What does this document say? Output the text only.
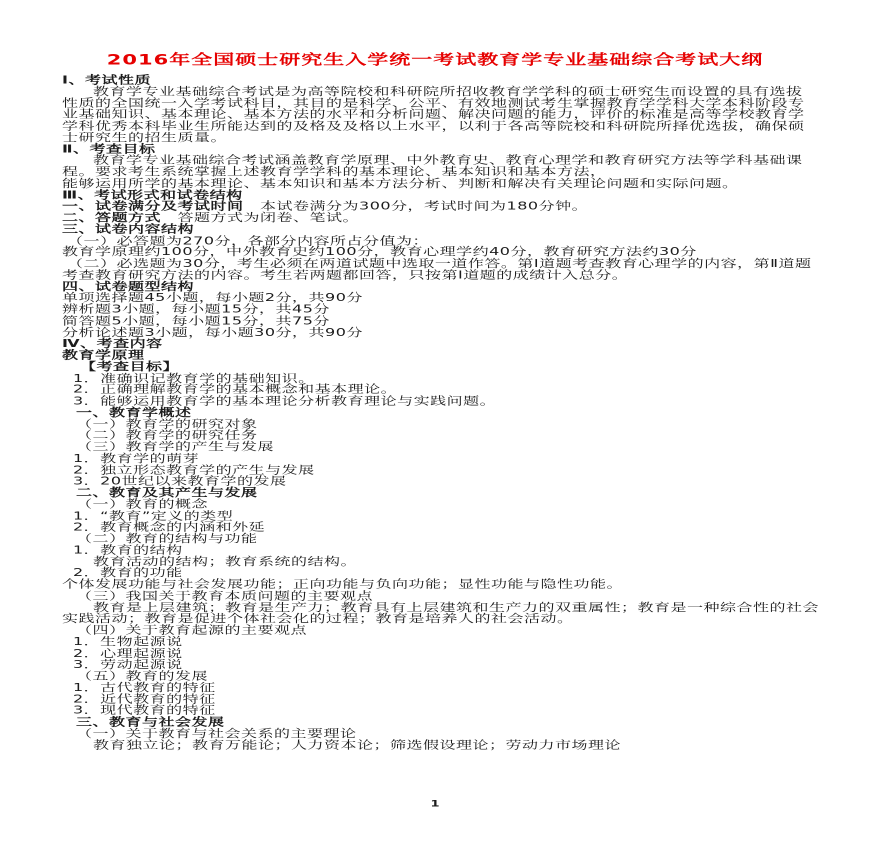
2016年全国硕士研究生入学统一考试教育学专业基础综合考试大纲
Ⅰ、考试性质
教育学专业基础综合考试是为高等院校和科研院所招收教育学学科的硕士研究生而设置的具有选拔
性质的全国统一入学考试科目，其目的是科学、公平、有效地测试考生掌握教育学学科大学本科阶段专
业基础知识、基本理论、基本方法的水平和分析问题、解决问题的能力，评价的标准是高等学校教育学
学科优秀本科毕业生所能达到的及格及及格以上水平，以利于各高等院校和科研院所择优选拔，确保硕
士研究生的招生质量。
Ⅱ、考查目标
教育学专业基础综合考试涵盖教育学原理、中外教育史、教育心理学和教育研究方法等学科基础课
程。要求考生系统掌握上述教育学学科的基本理论、基本知识和基本方法，
能够运用所学的基本理论、基本知识和基本方法分析、判断和解决有关理论问题和实际问题。
Ⅲ、考试形式和试卷结构
一、试卷满分及考试时间　本试卷满分为300分，考试时间为180分钟。
二、答题方式　答题方式为闭卷、笔试。
三、试卷内容结构
（一）必答题为270分，各部分内容所占分值为：
教育学原理约100分，中外教育史约100分，教育心理学约40分，教育研究方法约30分
（二）必选题为30分，考生必须在两道试题中选取一道作答。第I道题考查教育心理学的内容，第Ⅱ道题
考查教育研究方法的内容。考生若两题都回答，只按第I道题的成绩计入总分。
四、试卷题型结构
单项选择题45小题，每小题2分，共90分
辨析题3小题，每小题15分，共45分
简答题5小题，每小题15分，共75分
分析论述题3小题，每小题30分，共90分
Ⅳ、考查内容
教育学原理
【考查目标】
1．准确识记教育学的基础知识。
2．正确理解教育学的基本概念和基本理论。
3．能够运用教育学的基本理论分析教育理论与实践问题。
一、教育学概述
（一）教育学的研究对象
（二）教育学的研究任务
（三）教育学的产生与发展
1．教育学的萌芽
2．独立形态教育学的产生与发展
3．20世纪以来教育学的发展
二、教育及其产生与发展
（一）教育的概念
1．“教育”定义的类型
2．教育概念的内涵和外延
（二）教育的结构与功能
1．教育的结构
教育活动的结构；教育系统的结构。
2．教育的功能
个体发展功能与社会发展功能；正向功能与负向功能；显性功能与隐性功能。
（三）我国关于教育本质问题的主要观点
教育是上层建筑；教育是生产力；教育具有上层建筑和生产力的双重属性；教育是一种综合性的社会
实践活动；教育是促进个体社会化的过程；教育是培养人的社会活动。
（四）关于教育起源的主要观点
1．生物起源说
2．心理起源说
3．劳动起源说
（五）教育的发展
1．古代教育的特征
2．近代教育的特征
3．现代教育的特征
三、教育与社会发展
（一）关于教育与社会关系的主要理论
教育独立论；教育万能论；人力资本论；筛选假设理论；劳动力市场理论
1
